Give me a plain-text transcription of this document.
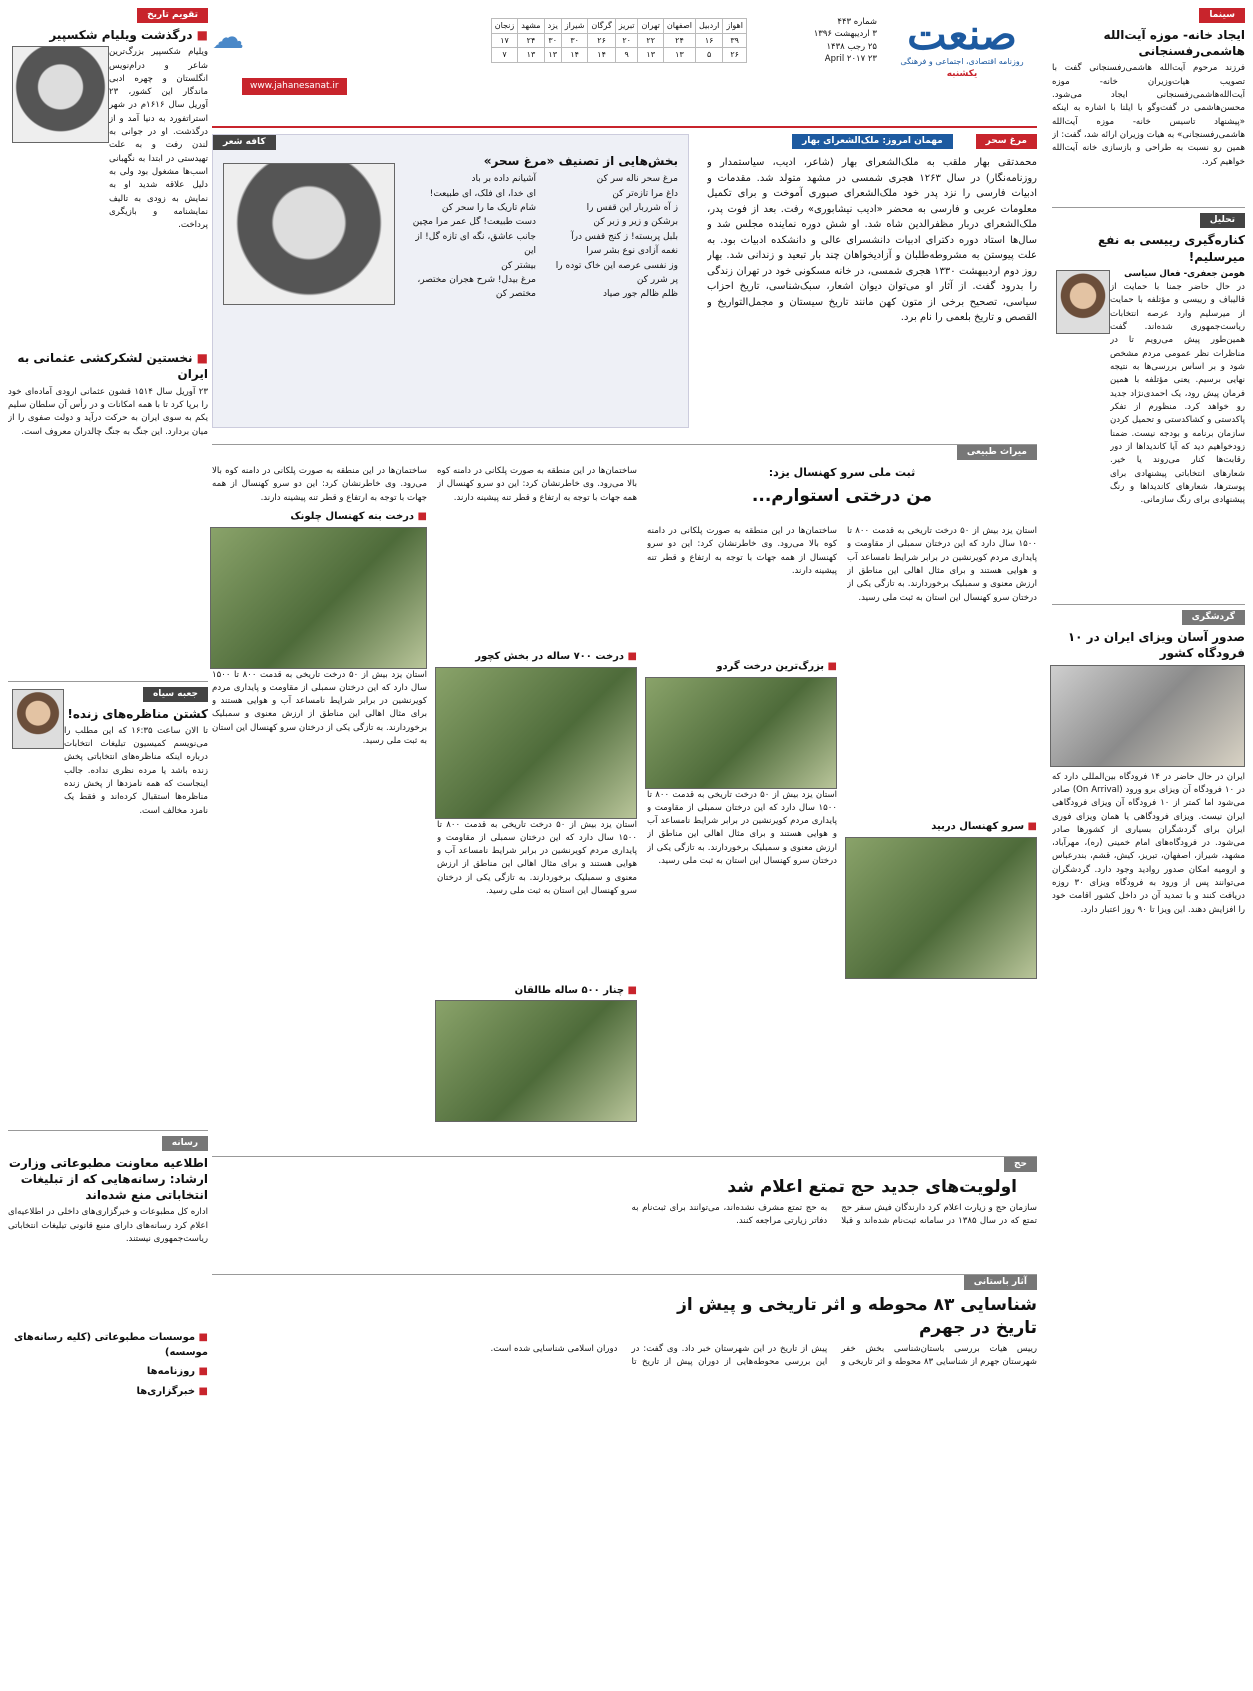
سینما
ایجاد خانه- موزه آیت‌الله هاشمی‌رفسنجانی
فرزند مرحوم آیت‌الله هاشمی‌رفسنجانی گفت با تصویب هیات‌وزیران خانه- موزه آیت‌الله‌هاشمی‌رفسنجانی ایجاد می‌شود. محسن‌هاشمی در گفت‌وگو با ایلنا با اشاره به اینکه «پیشنهاد تاسیس خانه- موزه آیت‌الله هاشمی‌رفسنجانی» به هیات وزیران ارائه شد، گفت: از همین رو نسبت به طراحی و بازسازی خانه آیت‌الله خواهیم کرد.
تحلیل
کناره‌گیری رییسی به نفع میرسلیم!
هومن جعفری- فعال سیاسی
در حال حاضر جمنا با حمایت از قالیباف و رییسی و مؤتلفه با حمایت از میرسلیم وارد عرصه انتخابات ریاست‌جمهوری شده‌اند. گفت همین‌طور پیش می‌رویم تا در مناظرات نظر عمومی مردم مشخص شود و بر اساس بررسی‌ها به نتیجه نهایی برسیم. یعنی مؤتلفه با همین فرمان پیش رود، یک احمدی‌نژاد جدید رو خواهد کرد. منظورم از تفکر پاکدستی و کشاکدستی و تحمیل کردن سازمان برنامه و بودجه نیست. ضمنا زودخواهیم دید که آیا کاندیداها از دور رقابت‌ها کنار می‌روند یا خیر. شعارهای انتخاباتی پیشنهادی برای پوسترها، شعارهای کاندیداها و رنگ پیشنهادی برای رنگ سازمانی.
گردشگری
صدور آسان ویزای ایران در ۱۰ فرودگاه کشور
ایران در حال حاضر در ۱۴ فرودگاه بین‌المللی دارد که در ۱۰ فرودگاه آن ویزای برو ورود (On Arrival) صادر می‌شود اما کمتر از ۱۰ فرودگاه آن ویزای فرودگاهی ایران نیست. ویزای فرودگاهی یا همان ویزای فوری ایران برای گردشگران بسیاری از کشورها صادر می‌شود. در فرودگاه‌های امام خمینی (ره)، مهرآباد، مشهد، شیراز، اصفهان، تبریز، کیش، قشم، بندرعباس و ارومیه امکان صدور روادید وجود دارد. گردشگران می‌توانند پس از ورود به فرودگاه ویزای ۳۰ روزه دریافت کنند و با تمدید آن در داخل کشور اقامت خود را افزایش دهند. این ویزا تا ۹۰ روز اعتبار دارد.
صنعت
روزنامه اقتصادی، اجتماعی و فرهنگی
یکشنبه
شماره ۴۴۳
۳ اردیبهشت ۱۳۹۶
۲۵ رجب ۱۴۳۸
۲۳ April ۲۰۱۷
اهواز	اردبیل	اصفهان	تهران	تبریز	گرگان	شیراز	یزد	مشهد	زنجان
۳۹	۱۶	۲۴	۲۲	۲۰	۲۶	۳۰	۳۰	۲۴	۱۷
۲۶	۵	۱۳	۱۳	۹	۱۴	۱۴	۱۳	۱۳	۷
☁
www.jahanesanat.ir
مرغ سحر مهمان امروز: ملک‌الشعرای بهار
محمدتقی بهار ملقب به ملک‌الشعرای بهار (شاعر، ادیب، سیاستمدار و روزنامه‌نگار) در سال ۱۲۶۳ هجری شمسی در مشهد متولد شد. مقدمات و ادبیات فارسی را نزد پدر خود ملک‌الشعرای صبوری آموخت و برای تکمیل معلومات عربی و فارسی به محضر «ادیب نیشابوری» رفت. بعد از فوت پدر، ملک‌الشعرای دربار مظفرالدین شاه شد. او شش دوره نماینده مجلس شد و سال‌ها استاد دوره دکترای ادبیات دانشسرای عالی و دانشکده ادبیات بود. به علت پیوستن به مشروطه‌طلبان و آزادیخواهان چند بار تبعید و زندانی شد. بهار روز دوم اردیبهشت ۱۳۳۰ هجری شمسی، در خانه مسکونی خود در تهران زندگی را بدرود گفت. از آثار او می‌توان دیوان اشعار، سبک‌شناسی، تاریخ احزاب سیاسی، تصحیح برخی از متون کهن مانند تاریخ سیستان و مجمل‌التواریخ و القصص و تاریخ بلعمی را نام برد.
کافه شعر
بخش‌هایی از تصنیف «مرغ سحر»
مرغ سحر ناله سر کن
داغ مرا تازه‌تر کن
ز آه شرربار این قفس را
برشکن و زیر و زبر کن
بلبل پربسته! ز کنج قفس درآ
نغمه آزادی نوع بشر سرا
وز نفسی عرصه این خاک توده را
پر شرر کن
ظلم ظالم جور صیاد
آشیانم داده بر باد
ای خدا، ای فلک، ای طبیعت!
شام تاریک ما را سحر کن
دست طبیعت! گل عمر مرا مچین
جانب عاشق، نگه ای تازه گل! از این
بیشتر کن
مرغ بیدل! شرح هجران مختصر، مختصر کن
میراث طبیعی
ثبت ملی سرو کهنسال یزد:
من درختی استوارم...
استان یزد بیش از ۵۰ درخت تاریخی به قدمت ۸۰۰ تا ۱۵۰۰ سال دارد که این درختان سمبلی از مقاومت و پایداری مردم کویرنشین در برابر شرایط نامساعد آب و هوایی هستند و برای مثال اهالی این مناطق از ارزش معنوی و سمبلیک برخوردارند. به تازگی یکی از درختان سرو کهنسال این استان به ثبت ملی رسید.
■ سرو کهنسال دربید
ساختمان‌ها در این منطقه به صورت پلکانی در دامنه کوه بالا می‌رود. وی خاطرنشان کرد: این دو سرو کهنسال از همه جهات با توجه به ارتفاع و قطر تنه پیشینه دارند.
■ بزرگ‌ترین درخت گردو
استان یزد بیش از ۵۰ درخت تاریخی به قدمت ۸۰۰ تا ۱۵۰۰ سال دارد که این درختان سمبلی از مقاومت و پایداری مردم کویرنشین در برابر شرایط نامساعد آب و هوایی هستند و برای مثال اهالی این مناطق از ارزش معنوی و سمبلیک برخوردارند. به تازگی یکی از درختان سرو کهنسال این استان به ثبت ملی رسید.
ساختمان‌ها در این منطقه به صورت پلکانی در دامنه کوه بالا می‌رود. وی خاطرنشان کرد: این دو سرو کهنسال از همه جهات با توجه به ارتفاع و قطر تنه پیشینه دارند.
■ درخت ۷۰۰ ساله در بخش کچور
استان یزد بیش از ۵۰ درخت تاریخی به قدمت ۸۰۰ تا ۱۵۰۰ سال دارد که این درختان سمبلی از مقاومت و پایداری مردم کویرنشین در برابر شرایط نامساعد آب و هوایی هستند و برای مثال اهالی این مناطق از ارزش معنوی و سمبلیک برخوردارند. به تازگی یکی از درختان سرو کهنسال این استان به ثبت ملی رسید.
■ چنار ۵۰۰ ساله طالقان
ساختمان‌ها در این منطقه به صورت پلکانی در دامنه کوه بالا می‌رود. وی خاطرنشان کرد: این دو سرو کهنسال از همه جهات با توجه به ارتفاع و قطر تنه پیشینه دارند.
■ درخت بنه کهنسال چلونک
استان یزد بیش از ۵۰ درخت تاریخی به قدمت ۸۰۰ تا ۱۵۰۰ سال دارد که این درختان سمبلی از مقاومت و پایداری مردم کویرنشین در برابر شرایط نامساعد آب و هوایی هستند و برای مثال اهالی این مناطق از ارزش معنوی و سمبلیک برخوردارند. به تازگی یکی از درختان سرو کهنسال این استان به ثبت ملی رسید.
حج
اولویت‌های جدید حج تمتع اعلام شد
سازمان حج و زیارت اعلام کرد دارندگان فیش سفر حج تمتع که در سال ۱۳۸۵ در سامانه ثبت‌نام شده‌اند و قبلا به حج تمتع مشرف نشده‌اند، می‌توانند برای ثبت‌نام به دفاتر زیارتی مراجعه کنند.
آثار باستانی
شناسایی ۸۳ محوطه و اثر تاریخی و پیش از تاریخ در جهرم
رییس هیات بررسی باستان‌شناسی بخش خفر شهرستان جهرم از شناسایی ۸۳ محوطه و اثر تاریخی و پیش از تاریخ در این شهرستان خبر داد. وی گفت: در این بررسی محوطه‌هایی از دوران پیش از تاریخ تا دوران اسلامی شناسایی شده است.
تقویم تاریخ
■ درگذشت ویلیام شکسپیر
ویلیام شکسپیر بزرگ‌ترین شاعر و درام‌نویس انگلستان و چهره ادبی ماندگار این کشور، ۲۳ آوریل سال ۱۶۱۶م در شهر استراتفورد به دنیا آمد و از درگذشت. او در جوانی به لندن رفت و به علت تهیدستی در ابتدا به نگهبانی اسب‌ها مشغول بود ولی به دلیل علاقه شدید او به نمایش به زودی به تالیف نمایشنامه و بازیگری پرداخت.
■ نخستین لشکرکشی عثمانی به ایران
۲۳ آوریل سال ۱۵۱۴ قشون عثمانی ارودی آماده‌ای خود را برپا کرد تا با همه امکانات و در رأس آن سلطان سلیم یکم به سوی ایران به حرکت درآید و دولت صفوی را از میان بردارد. این جنگ به جنگ چالدران معروف است.
جعبه سیاه
کشتن مناظره‌های زنده!
تا الان ساعت ۱۶:۳۵ که این مطلب را می‌نویسم کمیسیون تبلیغات انتخابات درباره اینکه مناظره‌های انتخاباتی پخش زنده باشد یا مرده نظری نداده. جالب اینجاست که همه نامزدها از پخش زنده مناظره‌ها استقبال کرده‌اند و فقط یک نامزد مخالف است.
رسانه
اطلاعیه معاونت مطبوعاتی وزارت ارشاد: رسانه‌هایی که از تبلیغات انتخاباتی منع شده‌اند
اداره کل مطبوعات و خبرگزاری‌های داخلی در اطلاعیه‌ای اعلام کرد رسانه‌های دارای منبع قانونی تبلیغات انتخاباتی ریاست‌جمهوری نیستند.
■ موسسات مطبوعاتی (کلیه رسانه‌های موسسه)
■ روزنامه‌ها
■ خبرگزاری‌ها
